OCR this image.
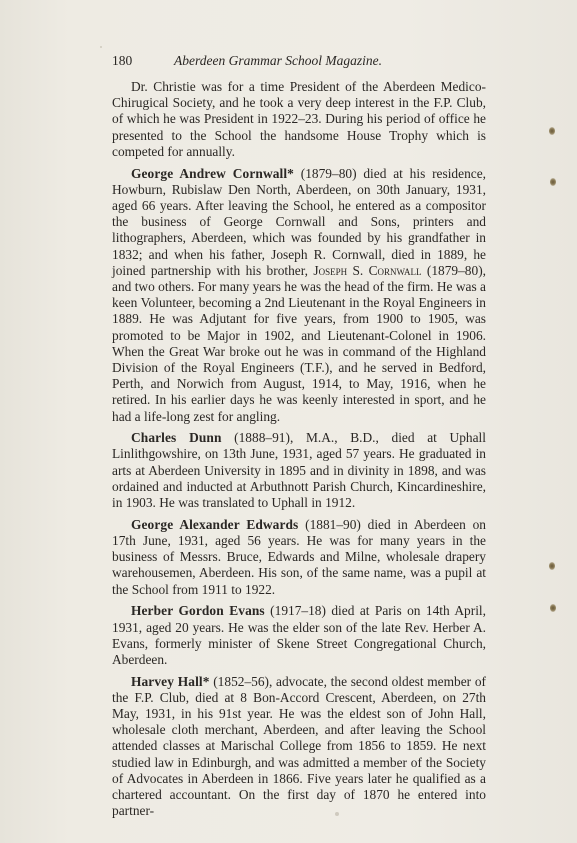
180	Aberdeen Grammar School Magazine.

Dr. Christie was for a time President of the Aberdeen Medico-Chirugical Society, and he took a very deep interest in the F.P. Club, of which he was President in 1922–23. During his period of office he presented to the School the handsome House Trophy which is competed for annually.

George Andrew Cornwall* (1879–80) died at his residence, Howburn, Rubislaw Den North, Aberdeen, on 30th January, 1931, aged 66 years. After leaving the School, he entered as a compositor the business of George Cornwall and Sons, printers and lithographers, Aberdeen, which was founded by his grandfather in 1832; and when his father, Joseph R. Cornwall, died in 1889, he joined partnership with his brother, Joseph S. Cornwall (1879–80), and two others. For many years he was the head of the firm. He was a keen Volunteer, becoming a 2nd Lieutenant in the Royal Engineers in 1889. He was Adjutant for five years, from 1900 to 1905, was promoted to be Major in 1902, and Lieutenant-Colonel in 1906. When the Great War broke out he was in command of the Highland Division of the Royal Engineers (T.F.), and he served in Bedford, Perth, and Norwich from August, 1914, to May, 1916, when he retired. In his earlier days he was keenly interested in sport, and he had a life-long zest for angling.

Charles Dunn (1888–91), M.A., B.D., died at Uphall Linlithgowshire, on 13th June, 1931, aged 57 years. He graduated in arts at Aberdeen University in 1895 and in divinity in 1898, and was ordained and inducted at Arbuthnott Parish Church, Kincardineshire, in 1903. He was translated to Uphall in 1912.

George Alexander Edwards (1881–90) died in Aberdeen on 17th June, 1931, aged 56 years. He was for many years in the business of Messrs. Bruce, Edwards and Milne, wholesale drapery warehousemen, Aberdeen. His son, of the same name, was a pupil at the School from 1911 to 1922.

Herber Gordon Evans (1917–18) died at Paris on 14th April, 1931, aged 20 years. He was the elder son of the late Rev. Herber A. Evans, formerly minister of Skene Street Congregational Church, Aberdeen.

Harvey Hall* (1852–56), advocate, the second oldest member of the F.P. Club, died at 8 Bon-Accord Crescent, Aberdeen, on 27th May, 1931, in his 91st year. He was the eldest son of John Hall, wholesale cloth merchant, Aberdeen, and after leaving the School attended classes at Marischal College from 1856 to 1859. He next studied law in Edinburgh, and was admitted a member of the Society of Advocates in Aberdeen in 1866. Five years later he qualified as a chartered accountant. On the first day of 1870 he entered into partner-
